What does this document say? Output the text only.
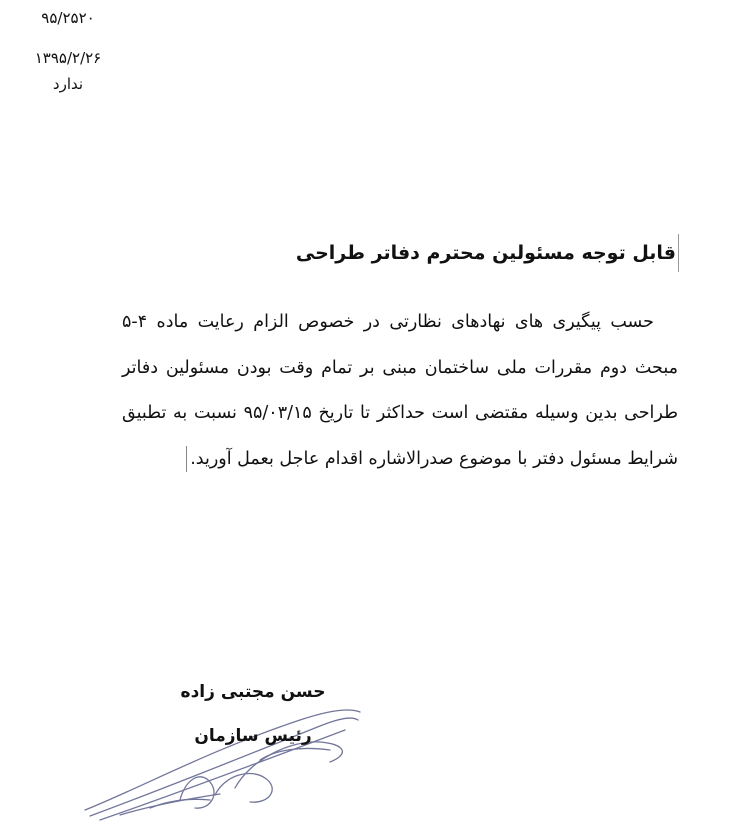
۹۵/۲۵۲۰
۱۳۹۵/۲/۲۶
ندارد
قابل توجه مسئولین محترم دفاتر طراحی
حسب پیگیری های نهادهای نظارتی در خصوص الزام رعایت ماده ۴-۵ مبحث دوم مقررات ملی ساختمان مبنی بر تمام وقت بودن مسئولین دفاتر طراحی بدین وسیله مقتضی است حداکثر تا تاریخ ۹۵/۰۳/۱۵ نسبت به تطبیق شرایط مسئول دفتر با موضوع صدرالاشاره اقدام عاجل بعمل آورید.
حسن مجتبی زاده
رئیس سازمان
